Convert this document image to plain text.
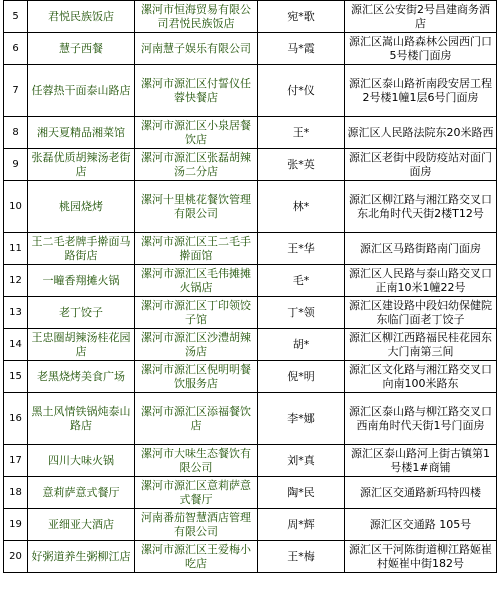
5	君悦民族饭店	漯河市恒海贸易有限公司君悦民族饭店	宛*歌	源汇区公安街2号昌建商务酒店
6	慧子西餐	河南慧子娱乐有限公司	马*霞	源汇区嵩山路森林公园西门口5号楼门面房
7	任蓉热干面泰山路店	漯河市源汇区付誓仪任蓉快餐店	付*仪	源汇区泰山路祈南段安居工程2号楼1幢1层6号门面房
8	湘天夏精品湘菜馆	漯河市源汇区小泉居餐饮店	王*	源汇区人民路法院东20米路西
9	张磊优质胡辣汤老街店	漯河市源汇区张磊胡辣汤二分店	张*英	源汇区老街中段防疫站对面门面房
10	桃园烧烤	漯河十里桃花餐饮管理有限公司	林*	源汇区柳江路与湘江路交叉口东北角时代天街2楼T12号
11	王二毛老牌手擀面马路街店	漯河市源汇区王二毛手擀面馆	王*华	源汇区马路街路南门面房
12	一疃香翔摊火锅	漯河市源汇区毛伟摊摊火锅店	毛*	源汇区人民路与泰山路交叉口正南10米1幢22号
13	老丁饺子	漯河市源汇区丁印领饺子馆	丁*领	源汇区建设路中段妇幼保健院东临门面老丁饺子
14	王忠圈胡辣汤桂花园店	漯河市源汇区沙澧胡辣汤店	胡*	源汇区柳江西路福民桂花园东大门南第三间
15	老黑烧烤美食广场	漯河市源汇区倪明明餐饮服务店	倪*明	源汇区文化路与湘江路交叉口向南100米路东
16	黑土风情铁锅炖泰山路店	漯河市源汇区添福餐饮店	李*娜	源汇区泰山路与柳江路交叉口西南角时代天街1号门面房
17	四川大味火锅	漯河市大味生态餐饮有限公司	刘*真	源汇区泰山路河上街古镇第1号楼1#商铺
18	意莉萨意式餐厅	漯河市源汇区意莉萨意式餐厅	陶*民	源汇区交通路新玛特四楼
19	亚细亚大酒店	河南番茄智慧酒店管理有限公司	周*辉	源汇区交通路 105号
20	好粥道养生粥柳江店	漯河市源汇区王爱梅小吃店	王*梅	源汇区干河陈街道柳江路姬崔村姬崔中街182号
